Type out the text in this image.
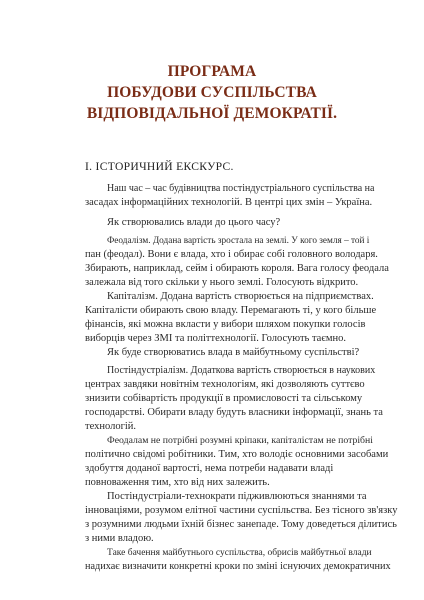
ПРОГРАМА
ПОБУДОВИ СУСПІЛЬСТВА
ВІДПОВІДАЛЬНОЇ ДЕМОКРАТІЇ.
I. ІСТОРИЧНИЙ ЕКСКУРС.
Наш час – час будівництва постіндустріального суспільства на
засадах інформаційних технологій. В центрі цих змін – Україна.
Як створювались влади до цього часу?
Феодалізм. Додана вартість зростала на землі. У кого земля – той і
пан (феодал). Вони є влада, хто і обирає собі головного володаря.
Збирають, наприклад, сейм і обирають короля. Вага голосу феодала
залежала від того скільки у нього землі. Голосують відкрито.
Капіталізм. Додана вартість створюється на підприємствах.
Капіталісти обирають свою владу. Перемагають ті, у кого більше
фінансів, які можна вкласти у вибори шляхом покупки голосів
виборців через ЗМІ та політтехнології. Голосують таємно.
Як буде створюватись влада в майбутньому суспільстві?
Постіндустріалізм. Додаткова вартість створюється в наукових
центрах завдяки новітнім технологіям, які дозволяють суттєво
знизити собівартість продукції в промисловості та сільському
господарстві. Обирати владу будуть власники інформації, знань та
технологій.
Феодалам не потрібні розумні кріпаки, капіталістам не потрібні
політично свідомі робітники. Тим, хто володіє основними засобами
здобуття доданої вартості, нема потреби надавати владі
повноваження тим, хто від них залежить.
Постіндустріали-технократи підживлюються знаннями та
інноваціями, розумом елітної частини суспільства. Без тісного зв'язку
з розумними людьми їхній бізнес занепаде. Тому доведеться ділитись
з ними владою.
Таке бачення майбутнього суспільства, обрисів майбутньої влади
надихає визначити конкретні кроки по зміні існуючих демократичних
